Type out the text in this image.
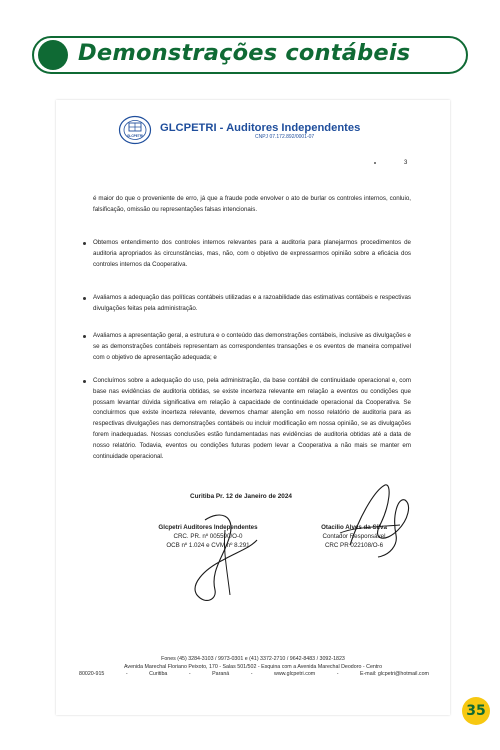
Demonstrações contábeis
GLCPETRI
GLCPETRI - Auditores Independentes
CNPJ 07.172.892/0001-07
3
é maior do que o proveniente de erro, já que a fraude pode envolver o ato de burlar os controles internos, conluio, falsificação, omissão ou representações falsas intencionais.
Obtemos entendimento dos controles internos relevantes para a auditoria para planejarmos procedimentos de auditoria apropriados às circunstâncias, mas, não, com o objetivo de expressarmos opinião sobre a eficácia dos controles internos da Cooperativa.
Avaliamos a adequação das políticas contábeis utilizadas e a razoabilidade das estimativas contábeis e respectivas divulgações feitas pela administração.
Avaliamos a apresentação geral, a estrutura e o conteúdo das demonstrações contábeis, inclusive as divulgações e se as demonstrações contábeis representam as correspondentes transações e os eventos de maneira compatível com o objetivo de apresentação adequada; e
Concluímos sobre a adequação do uso, pela administração, da base contábil de continuidade operacional e, com base nas evidências de auditoria obtidas, se existe incerteza relevante em relação a eventos ou condições que possam levantar dúvida significativa em relação à capacidade de continuidade operacional da Cooperativa. Se concluirmos que existe incerteza relevante, devemos chamar atenção em nosso relatório de auditoria para as respectivas divulgações nas demonstrações contábeis ou incluir modificação em nossa opinião, se as divulgações forem inadequadas. Nossas conclusões estão fundamentadas nas evidências de auditoria obtidas até a data de nosso relatório. Todavia, eventos ou condições futuras podem levar a Cooperativa a não mais se manter em continuidade operacional.
Curitiba Pr. 12 de Janeiro de 2024
Glcpetri Auditores Independentes
CRC. PR. nº 005590/O-0
OCB nº 1.024 e CVM nº 8.291
Otacilio Alves da Silva
Contador Responsável
CRC PR 022108/O-6
Fones (45) 3284-3103 / 9973-0301 e (41) 3372-2710 / 9642-8483 / 3092-1823
Avenida Marechal Floriano Peixoto, 170 - Salas 501/502 - Esquina com a Avenida Marechal Deodoro - Centro
80020-915	-	Curitiba	-	Paraná	-	www.glcpetri.com	-	E-mail: glcpetri@hotmail.com
35
